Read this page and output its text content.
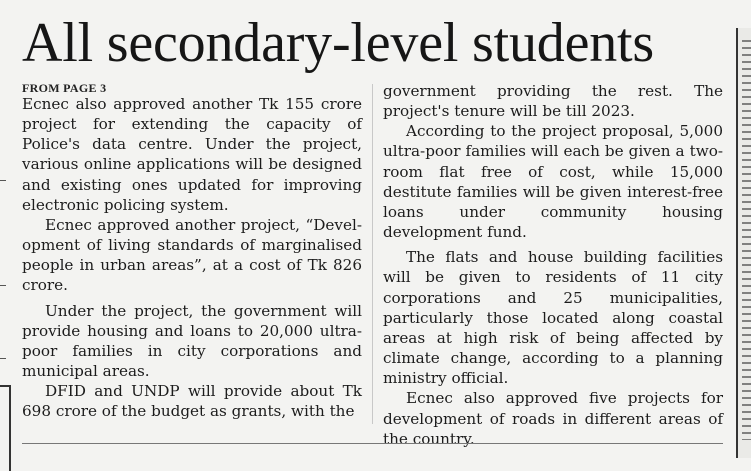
All secondary-level students
FROM PAGE 3

Ecnec also approved another Tk 155 crore project for extending the capacity of Police's data centre. Under the project, various online applications will be designed and existing ones updated for improving electronic policing system.

Ecnec approved another project, “Development of living standards of marginalised people in urban areas”, at a cost of Tk 826 crore.

Under the project, the government will provide housing and loans to 20,000 ultra-poor families in city corporations and municipal areas.

DFID and UNDP will provide about Tk 698 crore of the budget as grants, with the

government providing the rest. The project's tenure will be till 2023.

According to the project proposal, 5,000 ultra-poor families will each be given a two-room flat free of cost, while 15,000 destitute families will be given interest-free loans under community housing development fund.

The flats and house building facilities will be given to residents of 11 city corporations and 25 municipalities, particularly those located along coastal areas at high risk of being affected by climate change, according to a planning ministry official.

Ecnec also approved five projects for development of roads in different areas of the country.
